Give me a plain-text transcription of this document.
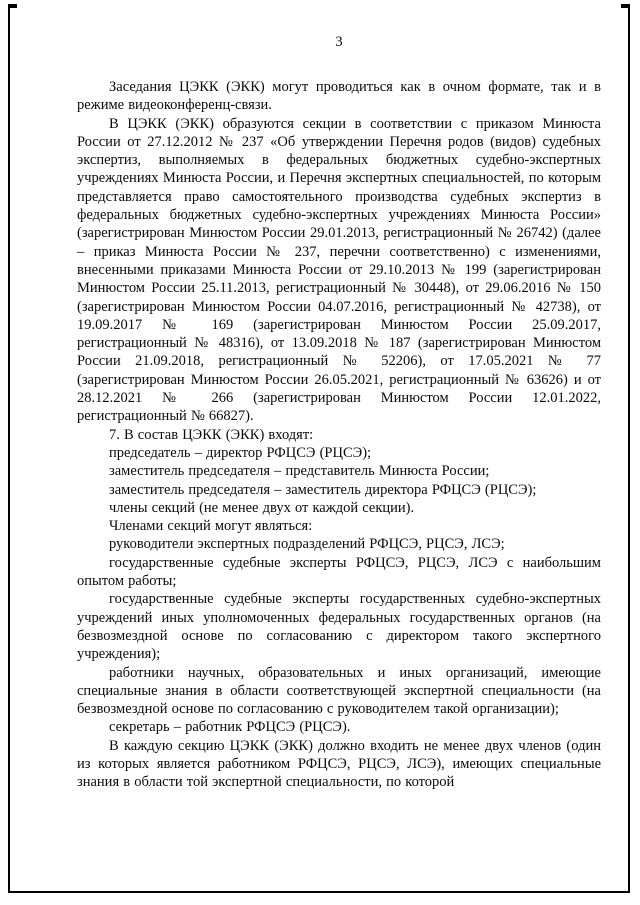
3

Заседания ЦЭКК (ЭКК) могут проводиться как в очном формате, так и в режиме видеоконференц-связи.

В ЦЭКК (ЭКК) образуются секции в соответствии с приказом Минюста России от 27.12.2012 № 237 «Об утверждении Перечня родов (видов) судебных экспертиз, выполняемых в федеральных бюджетных судебно-экспертных учреждениях Минюста России, и Перечня экспертных специальностей, по которым представляется право самостоятельного производства судебных экспертиз в федеральных бюджетных судебно-экспертных учреждениях Минюста России» (зарегистрирован Минюстом России 29.01.2013, регистрационный № 26742) (далее – приказ Минюста России № 237, перечни соответственно) с изменениями, внесенными приказами Минюста России от 29.10.2013 № 199 (зарегистрирован Минюстом России 25.11.2013, регистрационный № 30448), от 29.06.2016 № 150 (зарегистрирован Минюстом России 04.07.2016, регистрационный № 42738), от 19.09.2017 № 169 (зарегистрирован Минюстом России 25.09.2017, регистрационный № 48316), от 13.09.2018 № 187 (зарегистрирован Минюстом России 21.09.2018, регистрационный № 52206), от 17.05.2021 № 77 (зарегистрирован Минюстом России 26.05.2021, регистрационный № 63626) и от 28.12.2021 № 266 (зарегистрирован Минюстом России 12.01.2022, регистрационный № 66827).

7. В состав ЦЭКК (ЭКК) входят:

председатель – директор РФЦСЭ (РЦСЭ);

заместитель председателя – представитель Минюста России;

заместитель председателя – заместитель директора РФЦСЭ (РЦСЭ);

члены секций (не менее двух от каждой секции).

Членами секций могут являться:

руководители экспертных подразделений РФЦСЭ, РЦСЭ, ЛСЭ;

государственные судебные эксперты РФЦСЭ, РЦСЭ, ЛСЭ с наибольшим опытом работы;

государственные судебные эксперты государственных судебно-экспертных учреждений иных уполномоченных федеральных государственных органов (на безвозмездной основе по согласованию с директором такого экспертного учреждения);

работники научных, образовательных и иных организаций, имеющие специальные знания в области соответствующей экспертной специальности (на безвозмездной основе по согласованию с руководителем такой организации);

секретарь – работник РФЦСЭ (РЦСЭ).

В каждую секцию ЦЭКК (ЭКК) должно входить не менее двух членов (один из которых является работником РФЦСЭ, РЦСЭ, ЛСЭ), имеющих специальные знания в области той экспертной специальности, по которой
